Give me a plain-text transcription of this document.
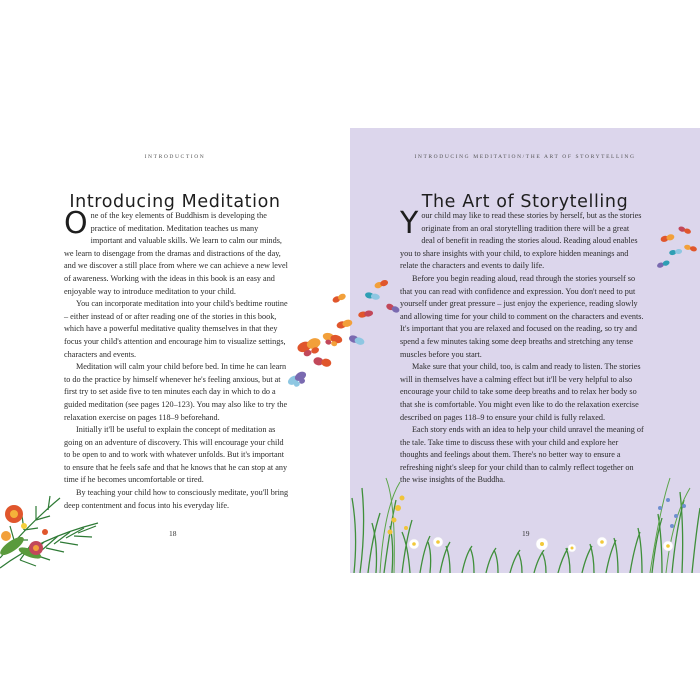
INTRODUCTION
Introducing Meditation

One of the key elements of Buddhism is developing the practice of meditation. Meditation teaches us many important and valuable skills. We learn to calm our minds, we learn to disengage from the dramas and distractions of the day, and we discover a still place from where we can achieve a new level of awareness. Working with the ideas in this book is an easy and enjoyable way to introduce meditation to your child.

You can incorporate meditation into your child's bedtime routine – either instead of or after reading one of the stories in this book, which have a powerful meditative quality themselves in that they focus your child's attention and encourage him to visualize settings, characters and events.

Meditation will calm your child before bed. In time he can learn to do the practice by himself whenever he's feeling anxious, but at first try to set aside five to ten minutes each day in which to do a guided meditation (see pages 120–123). You may also like to try the relaxation exercise on pages 118–9 beforehand.

Initially it'll be useful to explain the concept of meditation as going on an adventure of discovery. This will encourage your child to be open to and to work with whatever unfolds. But it's important to ensure that he feels safe and that he knows that he can stop at any time if he becomes uncomfortable or tired.

By teaching your child how to consciously meditate, you'll bring deep contentment and focus into his everyday life.

18
INTRODUCING MEDITATION/THE ART OF STORYTELLING
The Art of Storytelling

Your child may like to read these stories by herself, but as the stories originate from an oral storytelling tradition there will be a great deal of benefit in reading the stories aloud. Reading aloud enables you to share insights with your child, to explore hidden meanings and relate the characters and events to daily life.

Before you begin reading aloud, read through the stories yourself so that you can read with confidence and expression. You don't need to put yourself under great pressure – just enjoy the experience, reading slowly and allowing time for your child to comment on the characters and events. It's important that you are relaxed and focused on the reading, so try and spend a few minutes taking some deep breaths and stretching any tense muscles before you start.

Make sure that your child, too, is calm and ready to listen. The stories will in themselves have a calming effect but it'll be very helpful to also encourage your child to take some deep breaths and to relax her body so that she is comfortable. You might even like to do the relaxation exercise described on pages 118–9 to ensure your child is fully relaxed.

Each story ends with an idea to help your child unravel the meaning of the tale. Take time to discuss these with your child and explore her thoughts and feelings about them. There's no better way to ensure a refreshing night's sleep for your child than to calmly reflect together on the wise insights of the Buddha.

19
